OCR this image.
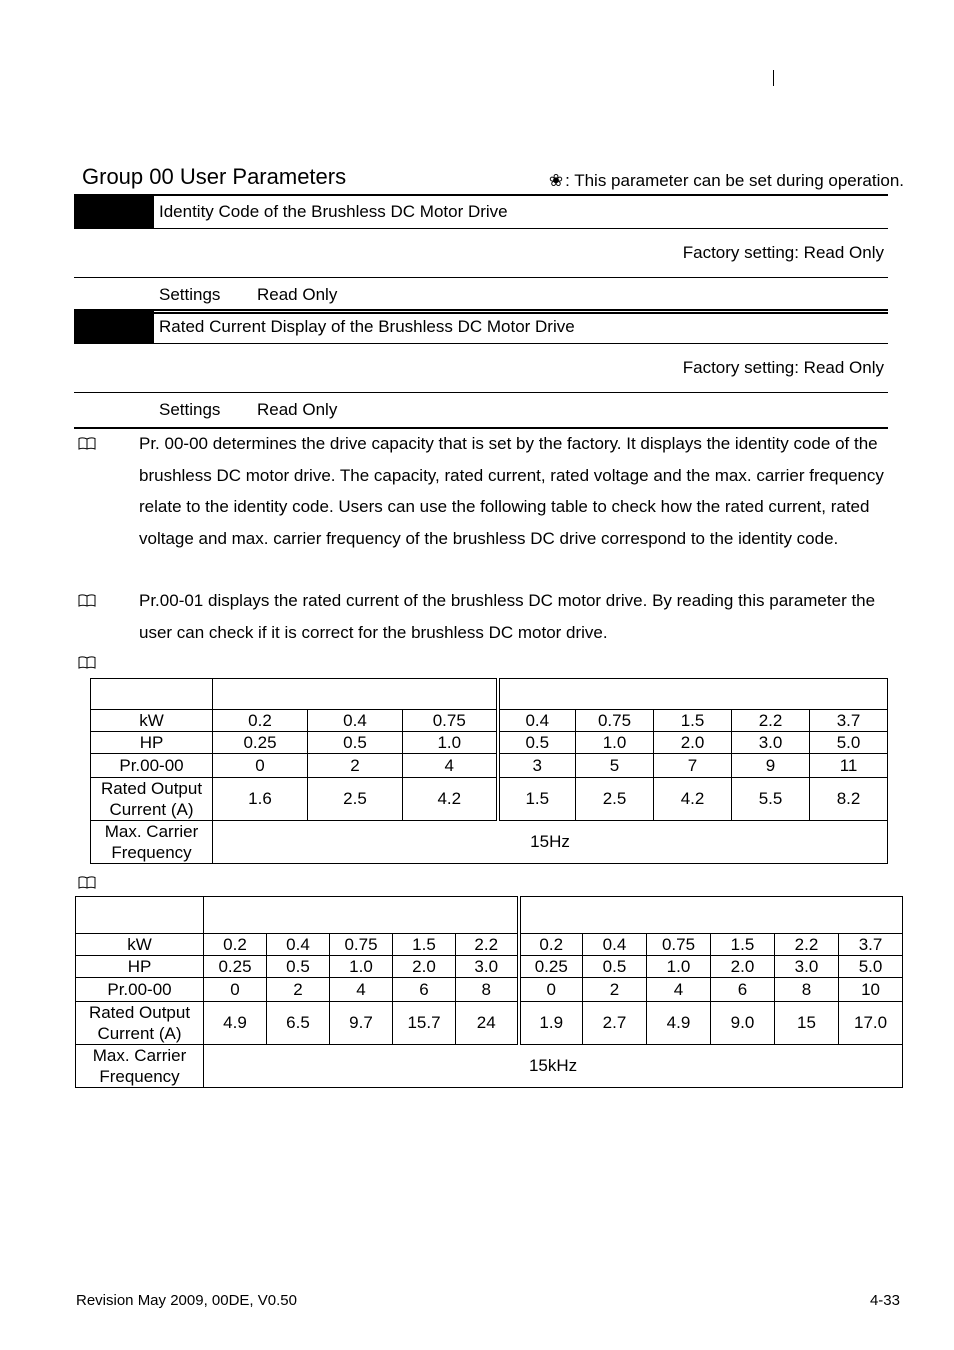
Group 00 User Parameters	❀ : This parameter can be set during operation.
Identity Code of the Brushless DC Motor Drive
Factory setting: Read Only
Settings Read Only
Rated Current Display of the Brushless DC Motor Drive
Factory setting: Read Only
Settings Read Only
Pr. 00-00 determines the drive capacity that is set by the factory. It displays the identity code of the brushless DC motor drive. The capacity, rated current, rated voltage and the max. carrier frequency relate to the identity code. Users can use the following table to check how the rated current, rated voltage and max. carrier frequency of the brushless DC drive correspond to the identity code.
Pr.00-01 displays the rated current of the brushless DC motor drive. By reading this parameter the user can check if it is correct for the brushless DC motor drive.

kW	0.2	0.4	0.75	0.4	0.75	1.5	2.2	3.7
HP	0.25	0.5	1.0	0.5	1.0	2.0	3.0	5.0
Pr.00-00	0	2	4	3	5	7	9	11
Rated Output Current (A)	1.6	2.5	4.2	1.5	2.5	4.2	5.5	8.2
Max. Carrier Frequency	15Hz							

kW	0.2	0.4	0.75	1.5	2.2	0.2	0.4	0.75	1.5	2.2	3.7
HP	0.25	0.5	1.0	2.0	3.0	0.25	0.5	1.0	2.0	3.0	5.0
Pr.00-00	0	2	4	6	8	0	2	4	6	8	10
Rated Output Current (A)	4.9	6.5	9.7	15.7	24	1.9	2.7	4.9	9.0	15	17.0
Max. Carrier Frequency	15kHz										
Revision May 2009, 00DE, V0.50	4-33
